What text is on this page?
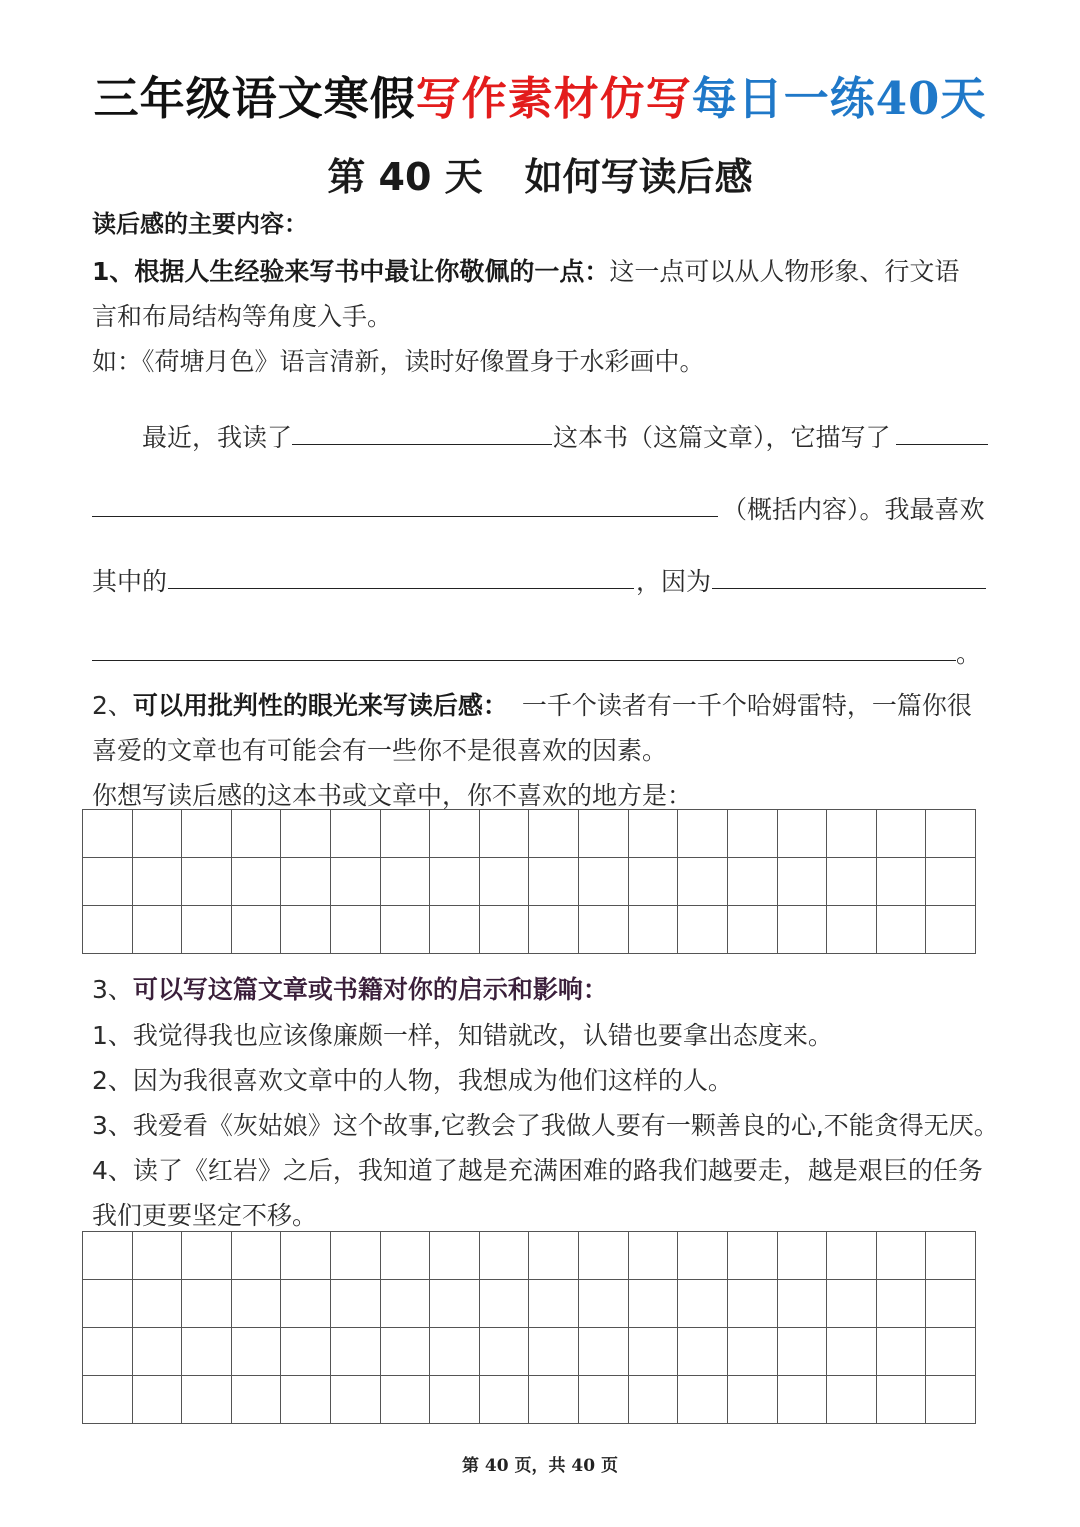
三年级语文寒假写作素材仿写每日一练40天
第 40 天 如何写读后感
读后感的主要内容：
1、根据人生经验来写书中最让你敬佩的一点：这一点可以从人物形象、行文语
言和布局结构等角度入手。
如：《荷塘月色》语言清新，读时好像置身于水彩画中。
最近，我读了	这本书（这篇文章），它描写了
（概括内容）。我最喜欢
其中的	，因为
。
2、可以用批判性的眼光来写读后感： 一千个读者有一千个哈姆雷特，一篇你很
喜爱的文章也有可能会有一些你不是很喜欢的因素。
你想写读后感的这本书或文章中，你不喜欢的地方是：
3、可以写这篇文章或书籍对你的启示和影响：
1、我觉得我也应该像廉颇一样，知错就改，认错也要拿出态度来。
2、因为我很喜欢文章中的人物，我想成为他们这样的人。
3、我爱看《灰姑娘》这个故事,它教会了我做人要有一颗善良的心,不能贪得无厌。
4、读了《红岩》之后，我知道了越是充满困难的路我们越要走，越是艰巨的任务
我们更要坚定不移。
第 40 页，共 40 页
